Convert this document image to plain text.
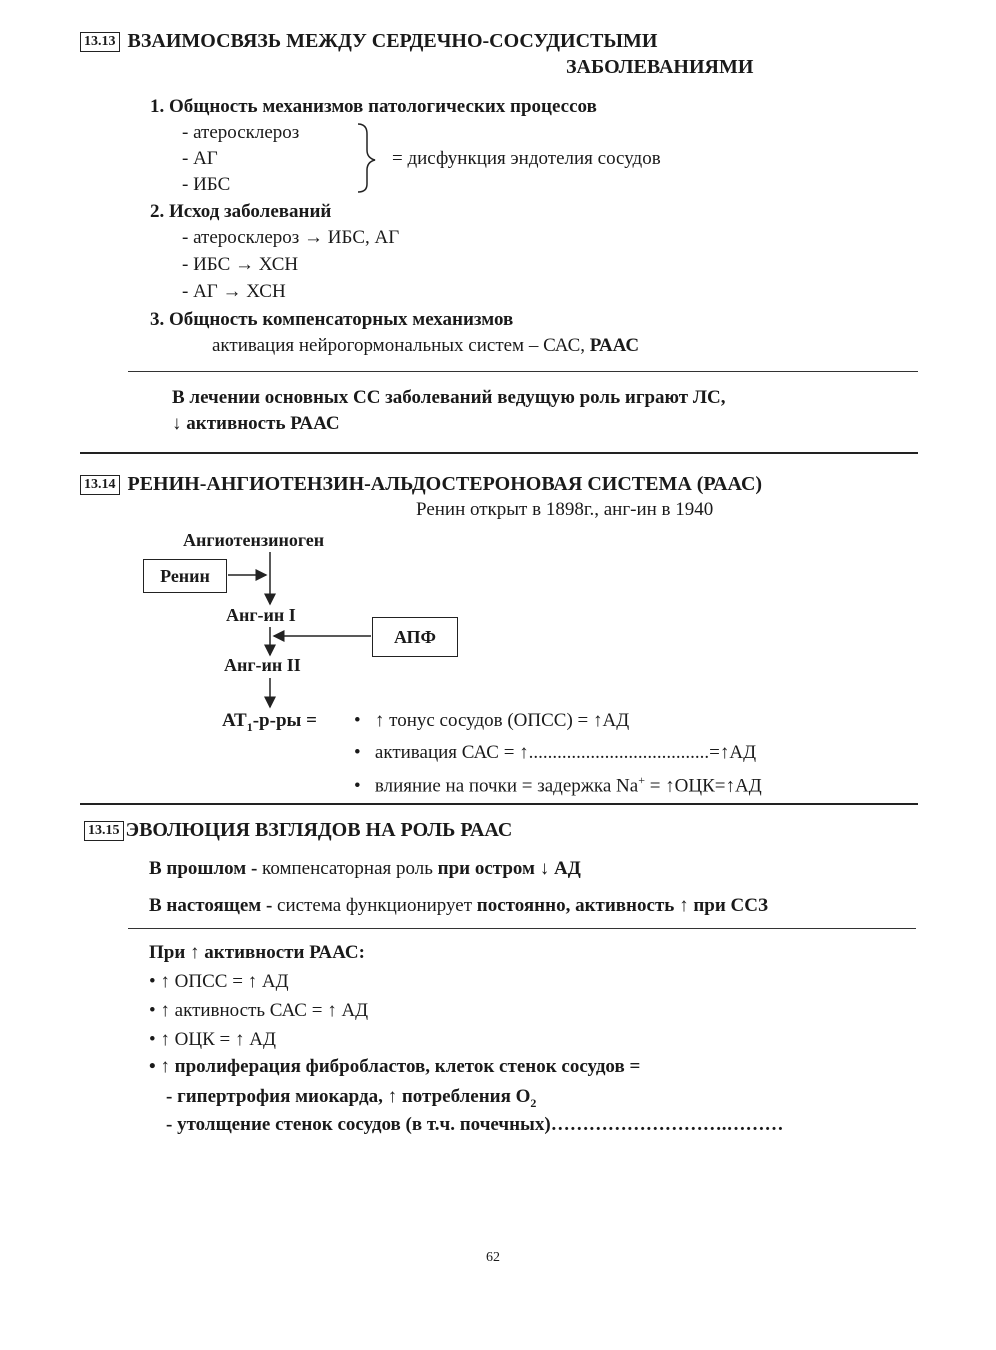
13.13 ВЗАИМОСВЯЗЬ МЕЖДУ СЕРДЕЧНО-СОСУДИСТЫМИ
ЗАБОЛЕВАНИЯМИ
1. Общность механизмов патологических процессов
- атеросклероз
- АГ
- ИБС
= дисфункция эндотелия сосудов
2. Исход заболеваний
- атеросклероз → ИБС, АГ
- ИБС → ХСН
- АГ → ХСН
3. Общность компенсаторных механизмов
активация нейрогормональных систем – САС, РААС
В лечении основных СС заболеваний ведущую роль играют ЛС,
↓ активность РААС
13.14 РЕНИН-АНГИОТЕНЗИН-АЛЬДОСТЕРОНОВАЯ СИСТЕМА (РААС)
Ренин открыт в 1898г., анг-ин в 1940
Ангиотензиноген
Ренин
Анг-ин I
АПФ
Анг-ин II
$АТ_1-р-ры$ = •   ↑ тонус сосудов (ОПСС) = ↑АД
•   активация САС = ↑......................................=↑АД
•   влияние на почки = задержка Na+ = ↑ОЦК=↑АД
13.15 ЭВОЛЮЦИЯ ВЗГЛЯДОВ НА РОЛЬ РААС
В прошлом - компенсаторная роль при остром ↓ АД
В настоящем - система функционирует постоянно, активность ↑ при ССЗ
При ↑ активности РААС:
• ↑ ОПСС = ↑ АД
• ↑ активность САС = ↑ АД
• ↑ ОЦК = ↑ АД
• ↑ пролиферация фибробластов, клеток стенок сосудов =
- гипертрофия миокарда, ↑ потребления $О_2$
- утолщение стенок сосудов (в т.ч. почечных)……………………….………
62
